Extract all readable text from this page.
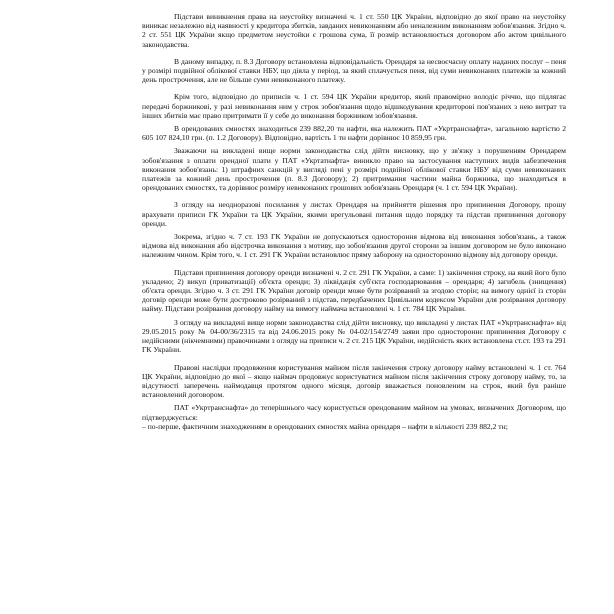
Підстави виникнення права на неустойку визначені ч. 1 ст. 550 ЦК України, відповідно до якої право на неустойку виникає незалежно від наявності у кредитора збитків, завданих невиконанням або неналежним виконанням зобов'язання. Згідно ч. 2 ст. 551 ЦК України якщо предметом неустойки є грошова сума, її розмір встановлюється договором або актом цивільного законодавства.

В даному випадку, п. 8.3 Договору встановлена відповідальність Орендаря за несвоєчасну оплату наданих послуг – пеня у розмірі подвійної облікової ставки НБУ, що діяла у період, за який сплачується пеня, від суми невиконаних платежів за кожний день прострочення, але не більше суми невиконаного платежу.

Крім того, відповідно до приписів ч. 1 ст. 594 ЦК України кредитор, який правомірно володіє річчю, що підлягає передачі боржникові, у разі невиконання ним у строк зобов'язання щодо відшкодування кредиторові пов'язаних з нею витрат та інших збитків має право притримати її у себе до виконання боржником зобов'язання.

В орендованих ємностях знаходиться 239 882,20 тн нафти, яка належить ПАТ «Укртранснафта», загальною вартістю 2 605 107 824,10 грн. (п. 1.2 Договору). Відповідно, вартість 1 тн нафти дорівнює 10 859,95 грн.

Зважаючи на викладені вище норми законодавства слід дійти висновку, що у зв'язку з порушенням Орендарем зобов'язання з оплати орендної плати у ПАТ «Укртатнафта» виникло право на застосування наступних видів забезпечення виконання зобов'язань: 1) штрафних санкцій у вигляді пені у розмірі подвійної облікової ставки НБУ від суми невиконаних платежів за кожний день прострочення (п. 8.3 Договору); 2) притримання частини майна боржника, що знаходиться в орендованих ємностях, та дорівнює розміру невиконаних грошових зобов'язань Орендаря (ч. 1 ст. 594 ЦК України).

З огляду на неодноразові посилання у листах Орендаря на прийняття рішення про припинення Договору, прошу врахувати приписи ГК України та ЦК України, якими врегульовані питання щодо порядку та підстав припинення договору оренди.

Зокрема, згідно ч. 7 ст. 193 ГК України не допускаються одностороння відмова від виконання зобов'язань, а також відмова від виконання або відстрочка виконання з мотиву, що зобов'язання другої сторони за іншим договором не було виконано належним чином. Крім того, ч. 1 ст. 291 ГК України встановлює пряму заборону на односторонню відмову від договору оренди.

Підстави припинення договору оренди визначені ч. 2 ст. 291 ГК України, а саме: 1) закінчення строку, на який його було укладено; 2) викуп (приватизації) об'єкта оренди; 3) ліквідація суб'єкта господарювання – орендаря; 4) загибель (знищення) об'єкта оренди. Згідно ч. 3 ст. 291 ГК України договір оренди може бути розірваний за згодою сторін; на вимогу однієї із сторін договір оренди може бути достроково розірваний з підстав, передбачених Цивільним кодексом України для розірвання договору найму. Підстави розірвання договору найму на вимогу наймача встановлені ч. 1 ст. 784 ЦК України.

З огляду на викладені вище норми законодавства слід дійти висновку, що викладені у листах ПАТ «Укртранснафта» від 29.05.2015 року № 04-00/36/2315 та від 24.06.2015 року № 04-02/154/2749 заяви про одностороннє припинення Договору є недійсними (нікчемними) правочинами з огляду на приписи ч. 2 ст. 215 ЦК України, недійсність яких встановлена ст.ст. 193 та 291 ГК України.

Правові наслідки продовження користування майном після закінчення строку договору найму встановлені ч. 1 ст. 764 ЦК України, відповідно до якої – якщо наймач продовжує користуватися майном після закінчення строку договору найму, то, за відсутності заперечень наймодавця протягом одного місяця, договір вважається поновленим на строк, який був раніше встановлений договором.

ПАТ «Укртранснафта» до теперішнього часу користується орендованим майном на умовах, визначених Договором, що підтверджується:

– по-перше, фактичним знаходженням в орендованих ємностях майна орендаря – нафти в кількості 239 882,2 тн;
